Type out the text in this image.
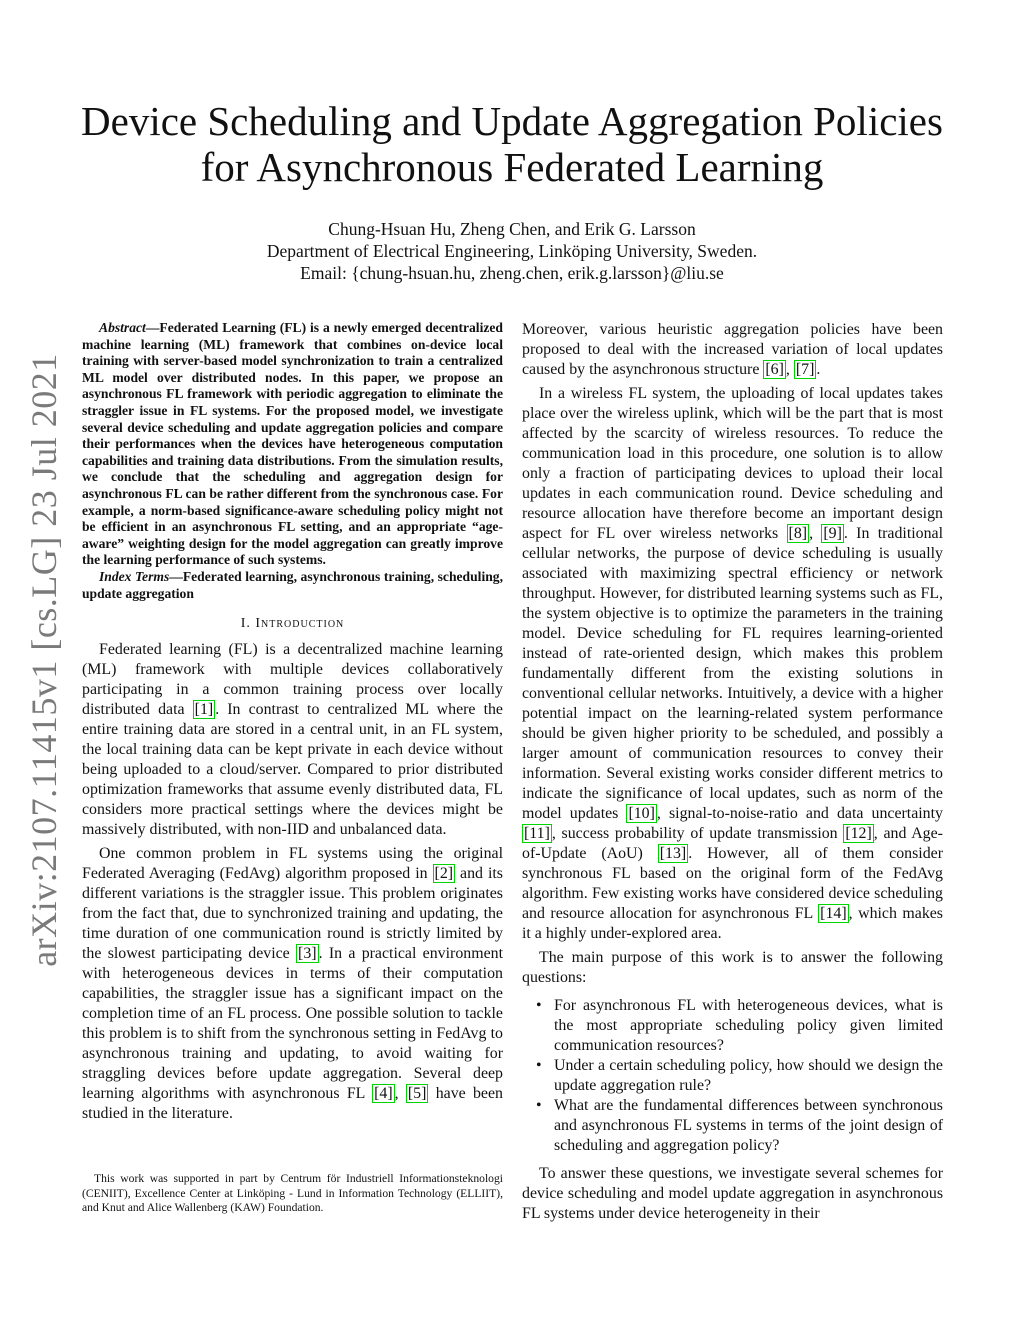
arXiv:2107.11415v1 [cs.LG] 23 Jul 2021
Device Scheduling and Update Aggregation Policies
for Asynchronous Federated Learning
Chung-Hsuan Hu, Zheng Chen, and Erik G. Larsson
Department of Electrical Engineering, Linköping University, Sweden.
Email: {chung-hsuan.hu, zheng.chen, erik.g.larsson}@liu.se

Abstract—Federated Learning (FL) is a newly emerged decentralized machine learning (ML) framework that combines on-device local training with server-based model synchronization to train a centralized ML model over distributed nodes. In this paper, we propose an asynchronous FL framework with periodic aggregation to eliminate the straggler issue in FL systems. For the proposed model, we investigate several device scheduling and update aggregation policies and compare their performances when the devices have heterogeneous computation capabilities and training data distributions. From the simulation results, we conclude that the scheduling and aggregation design for asynchronous FL can be rather different from the synchronous case. For example, a norm-based significance-aware scheduling policy might not be efficient in an asynchronous FL setting, and an appropriate “age-aware” weighting design for the model aggregation can greatly improve the learning performance of such systems.

Index Terms—Federated learning, asynchronous training, scheduling, update aggregation

I. Introduction

Federated learning (FL) is a decentralized machine learning (ML) framework with multiple devices collaboratively participating in a common training process over locally distributed data [1] . In contrast to centralized ML where the entire training data are stored in a central unit, in an FL system, the local training data can be kept private in each device without being uploaded to a cloud/server. Compared to prior distributed optimization frameworks that assume evenly distributed data, FL considers more practical settings where the devices might be massively distributed, with non-IID and unbalanced data.

One common problem in FL systems using the original Federated Averaging (FedAvg) algorithm proposed in [2] and its different variations is the straggler issue. This problem originates from the fact that, due to synchronized training and updating, the time duration of one communication round is strictly limited by the slowest participating device [3] . In a practical environment with heterogeneous devices in terms of their computation capabilities, the straggler issue has a significant impact on the completion time of an FL process. One possible solution to tackle this problem is to shift from the synchronous setting in FedAvg to asynchronous training and updating, to avoid waiting for straggling devices before update aggregation. Several deep learning algorithms with asynchronous FL [4] , [5] have been studied in the literature.

This work was supported in part by Centrum för Industriell Informationsteknologi (CENIIT), Excellence Center at Linköping - Lund in Information Technology (ELLIIT), and Knut and Alice Wallenberg (KAW) Foundation.

Moreover, various heuristic aggregation policies have been proposed to deal with the increased variation of local updates caused by the asynchronous structure [6] , [7] .

In a wireless FL system, the uploading of local updates takes place over the wireless uplink, which will be the part that is most affected by the scarcity of wireless resources. To reduce the communication load in this procedure, one solution is to allow only a fraction of participating devices to upload their local updates in each communication round. Device scheduling and resource allocation have therefore become an important design aspect for FL over wireless networks [8] , [9] . In traditional cellular networks, the purpose of device scheduling is usually associated with maximizing spectral efficiency or network throughput. However, for distributed learning systems such as FL, the system objective is to optimize the parameters in the training model. Device scheduling for FL requires learning-oriented instead of rate-oriented design, which makes this problem fundamentally different from the existing solutions in conventional cellular networks. Intuitively, a device with a higher potential impact on the learning-related system performance should be given higher priority to be scheduled, and possibly a larger amount of communication resources to convey their information. Several existing works consider different metrics to indicate the significance of local updates, such as norm of the model updates [10] , signal-to-noise-ratio and data uncertainty [11] , success probability of update transmission [12] , and Age-of-Update (AoU) [13] . However, all of them consider synchronous FL based on the original form of the FedAvg algorithm. Few existing works have considered device scheduling and resource allocation for asynchronous FL [14] , which makes it a highly under-explored area.

The main purpose of this work is to answer the following questions:

• For asynchronous FL with heterogeneous devices, what is the most appropriate scheduling policy given limited communication resources?
• Under a certain scheduling policy, how should we design the update aggregation rule?
• What are the fundamental differences between synchronous and asynchronous FL systems in terms of the joint design of scheduling and aggregation policy?

To answer these questions, we investigate several schemes for device scheduling and model update aggregation in asynchronous FL systems under device heterogeneity in their
